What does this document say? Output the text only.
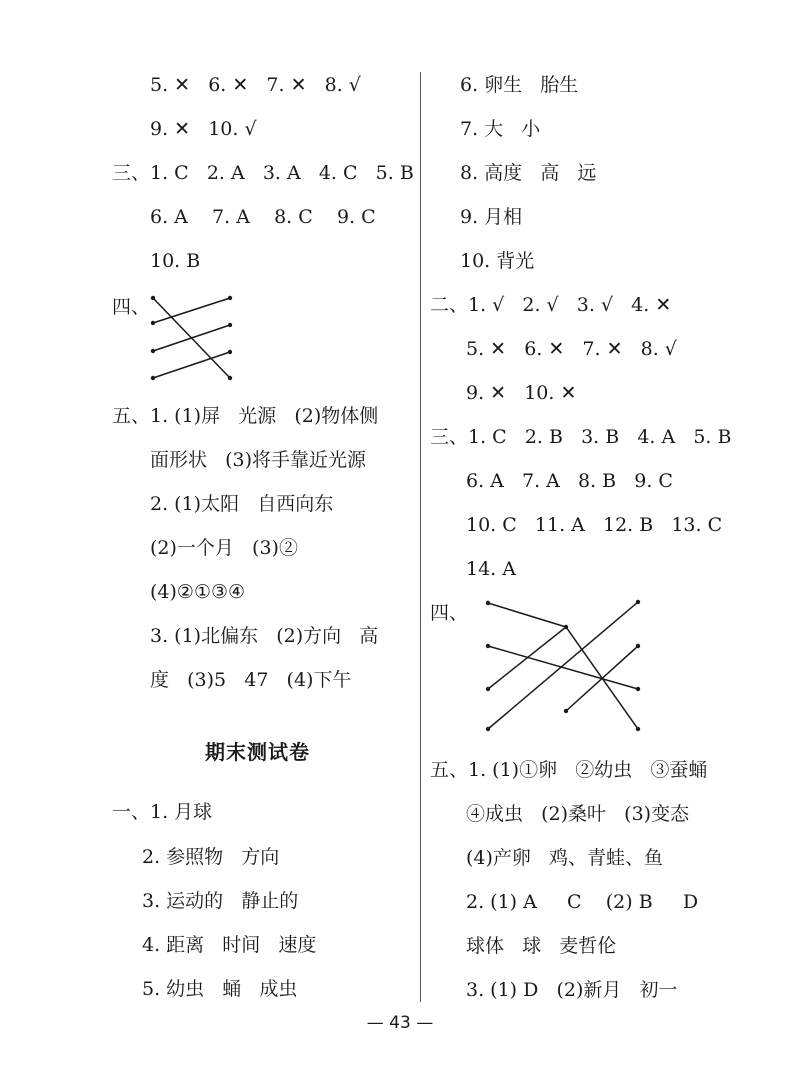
5. ✕   6. ✕   7. ✕   8. √
9. ✕   10. √
三、1. C   2. A   3. A   4. C   5. B
6. A    7. A    8. C    9. C
10. B
四、
五、1. (1)屏   光源   (2)物体侧
面形状   (3)将手靠近光源
2. (1)太阳   自西向东
(2)一个月   (3)②
(4)②①③④
3. (1)北偏东   (2)方向   高
度   (3)5   47   (4)下午
期末测试卷
一、1. 月球
2. 参照物   方向
3. 运动的   静止的
4. 距离   时间   速度
5. 幼虫   蛹   成虫
6. 卵生   胎生
7. 大   小
8. 高度   高   远
9. 月相
10. 背光
二、1. √   2. √   3. √   4. ✕
5. ✕   6. ✕   7. ✕   8. √
9. ✕   10. ✕
三、1. C   2. B   3. B   4. A   5. B
6. A   7. A   8. B   9. C
10. C   11. A   12. B   13. C
14. A
四、
五、1. (1)①卵   ②幼虫   ③蚕蛹
④成虫   (2)桑叶   (3)变态
(4)产卵   鸡、青蛙、鱼
2. (1) A     C    (2) B     D
球体   球   麦哲伦
3. (1) D   (2)新月   初一
— 43 —
